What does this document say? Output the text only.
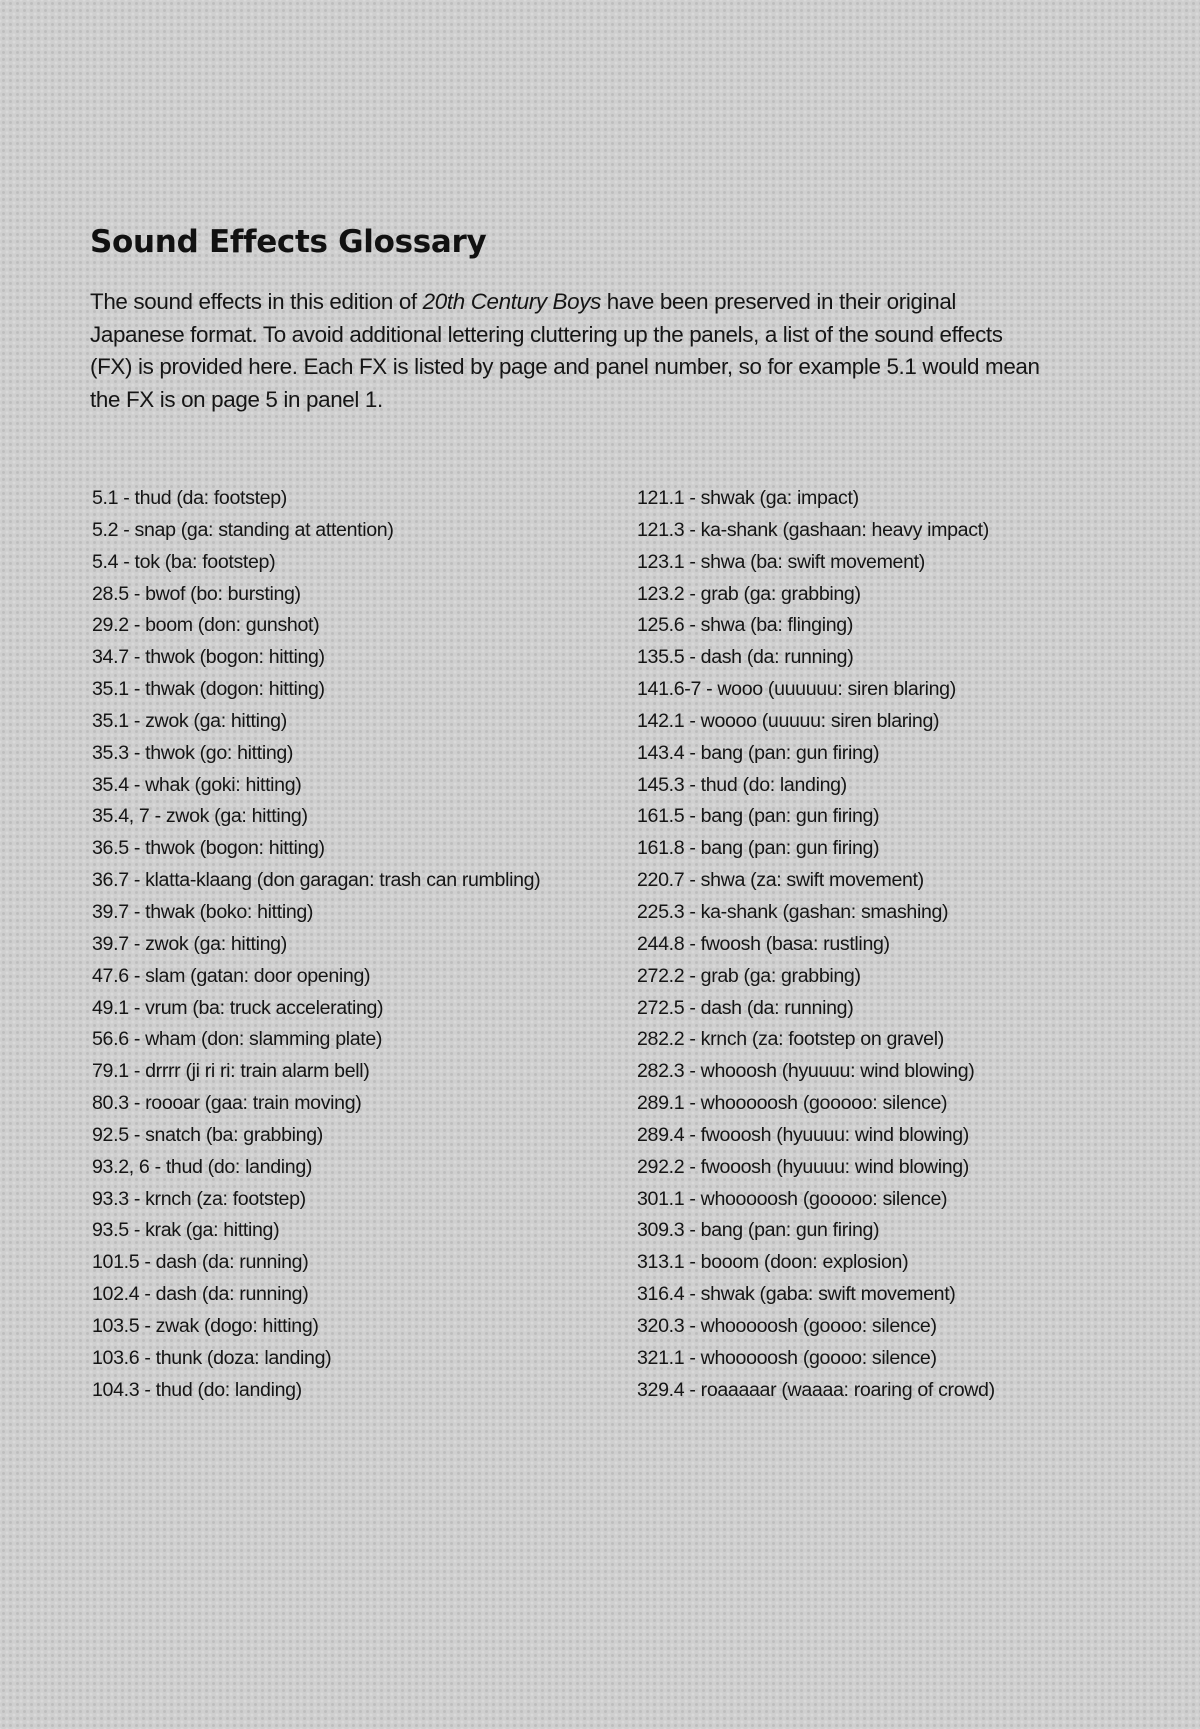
Sound Effects Glossary

The sound effects in this edition of 20th Century Boys have been preserved in their original Japanese format. To avoid additional lettering cluttering up the panels, a list of the sound effects (FX) is provided here. Each FX is listed by page and panel number, so for example 5.1 would mean the FX is on page 5 in panel 1.

5.1 - thud (da: footstep)
5.2 - snap (ga: standing at attention)
5.4 - tok (ba: footstep)
28.5 - bwof (bo: bursting)
29.2 - boom (don: gunshot)
34.7 - thwok (bogon: hitting)
35.1 - thwak (dogon: hitting)
35.1 - zwok (ga: hitting)
35.3 - thwok (go: hitting)
35.4 - whak (goki: hitting)
35.4, 7 - zwok (ga: hitting)
36.5 - thwok (bogon: hitting)
36.7 - klatta-klaang (don garagan: trash can rumbling)
39.7 - thwak (boko: hitting)
39.7 - zwok (ga: hitting)
47.6 - slam (gatan: door opening)
49.1 - vrum (ba: truck accelerating)
56.6 - wham (don: slamming plate)
79.1 - drrrr (ji ri ri: train alarm bell)
80.3 - roooar (gaa: train moving)
92.5 - snatch (ba: grabbing)
93.2, 6 - thud (do: landing)
93.3 - krnch (za: footstep)
93.5 - krak (ga: hitting)
101.5 - dash (da: running)
102.4 - dash (da: running)
103.5 - zwak (dogo: hitting)
103.6 - thunk (doza: landing)
104.3 - thud (do: landing)
121.1 - shwak (ga: impact)
121.3 - ka-shank (gashaan: heavy impact)
123.1 - shwa (ba: swift movement)
123.2 - grab (ga: grabbing)
125.6 - shwa (ba: flinging)
135.5 - dash (da: running)
141.6-7 - wooo (uuuuuu: siren blaring)
142.1 - woooo (uuuuu: siren blaring)
143.4 - bang (pan: gun firing)
145.3 - thud (do: landing)
161.5 - bang (pan: gun firing)
161.8 - bang (pan: gun firing)
220.7 - shwa (za: swift movement)
225.3 - ka-shank (gashan: smashing)
244.8 - fwoosh (basa: rustling)
272.2 - grab (ga: grabbing)
272.5 - dash (da: running)
282.2 - krnch (za: footstep on gravel)
282.3 - whooosh (hyuuuu: wind blowing)
289.1 - whooooosh (gooooo: silence)
289.4 - fwooosh (hyuuuu: wind blowing)
292.2 - fwooosh (hyuuuu: wind blowing)
301.1 - whooooosh (gooooo: silence)
309.3 - bang (pan: gun firing)
313.1 - booom (doon: explosion)
316.4 - shwak (gaba: swift movement)
320.3 - whooooosh (goooo: silence)
321.1 - whooooosh (goooo: silence)
329.4 - roaaaaar (waaaa: roaring of crowd)
